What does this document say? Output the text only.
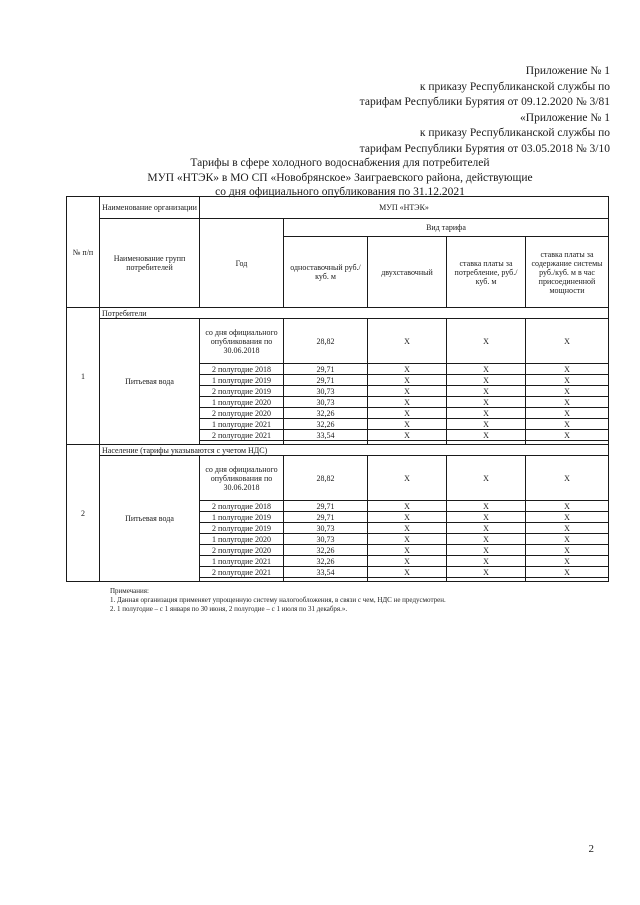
Приложение № 1
к приказу Республиканской службы по
тарифам Республики Бурятия от 09.12.2020 № 3/81
«Приложение № 1
к приказу Республиканской службы по
тарифам Республики Бурятия от 03.05.2018 № 3/10
Тарифы в сфере холодного водоснабжения для потребителей
МУП «НТЭК» в МО СП «Новобрянское» Заиграевского района, действующие
со дня официального опубликования по 31.12.2021
№ п/п	Наименование организации	МУП «НТЭК»				
	Наименование групп потребителей	Год	Вид тарифа			
			одноставочный руб./ куб. м	двухставочный	ставка платы за потребление, руб./ куб. м	ставка платы за содержание системы руб./куб. м в час присоединенной мощности
1	Потребители					
	Питьевая вода	со дня официального опубликования по 30.06.2018	28,82	X	X	X
		2 полугодие 2018	29,71	X	X	X
		1 полугодие 2019	29,71	X	X	X
		2 полугодие 2019	30,73	X	X	X
		1 полугодие 2020	30,73	X	X	X
		2 полугодие 2020	32,26	X	X	X
		1 полугодие 2021	32,26	X	X	X
		2 полугодие 2021	33,54	X	X	X

2	Население (тарифы указываются с учетом НДС)					
	Питьевая вода	со дня официального опубликования по 30.06.2018	28,82	X	X	X
		2 полугодие 2018	29,71	X	X	X
		1 полугодие 2019	29,71	X	X	X
		2 полугодие 2019	30,73	X	X	X
		1 полугодие 2020	30,73	X	X	X
		2 полугодие 2020	32,26	X	X	X
		1 полугодие 2021	32,26	X	X	X
		2 полугодие 2021	33,54	X	X	X

Примечания:
1. Данная организация применяет упрощенную систему налогообложения, в связи с чем, НДС не предусмотрен.
2. 1 полугодие – с 1 января по 30 июня, 2 полугодие – с 1 июля по 31 декабря.».
2
